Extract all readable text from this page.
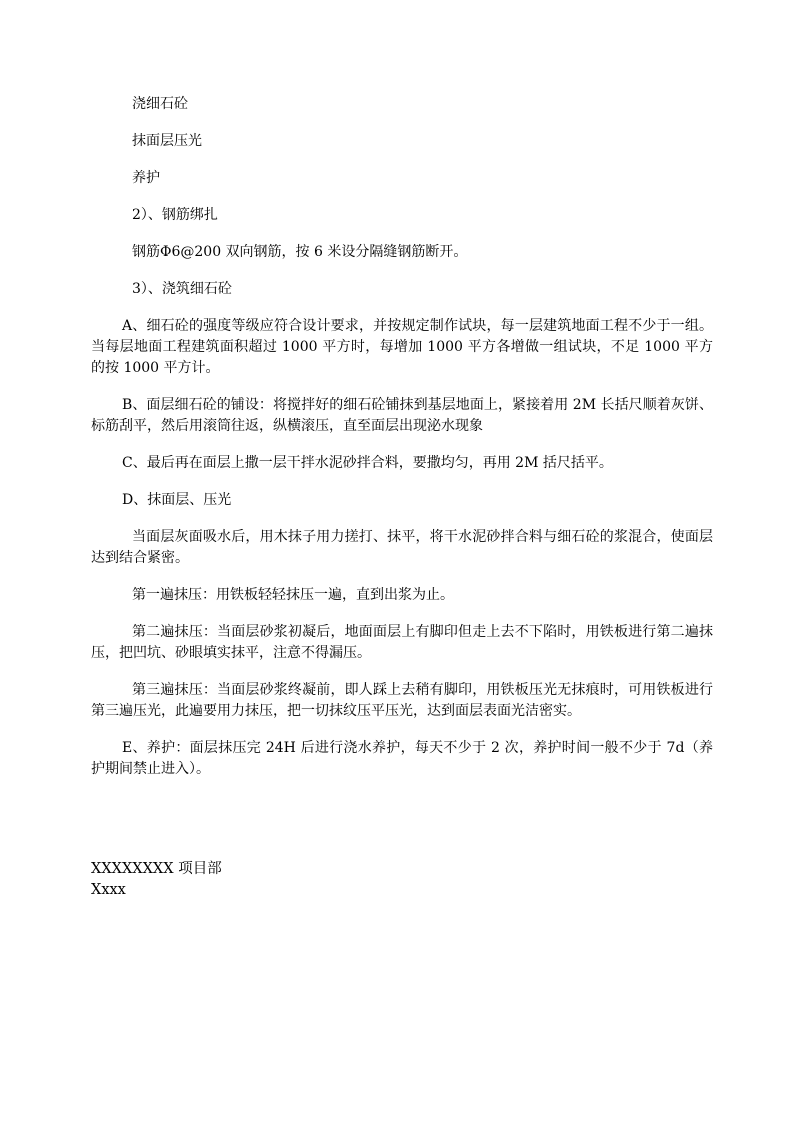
浇细石砼

抹面层压光

养护

2）、钢筋绑扎

钢筋Φ6@200 双向钢筋，按 6 米设分隔缝钢筋断开。

3）、浇筑细石砼

A、细石砼的强度等级应符合设计要求，并按规定制作试块，每一层建筑地面工程不少于一组。当每层地面工程建筑面积超过 1000 平方时，每增加 1000 平方各增做一组试块，不足 1000 平方的按 1000 平方计。

B、面层细石砼的铺设：将搅拌好的细石砼铺抹到基层地面上，紧接着用 2M 长括尺顺着灰饼、标筋刮平，然后用滚筒往返，纵横滚压，直至面层出现泌水现象

C、最后再在面层上撒一层干拌水泥砂拌合料，要撒均匀，再用 2M 括尺括平。

D、抹面层、压光

当面层灰面吸水后，用木抹子用力搓打、抹平，将干水泥砂拌合料与细石砼的浆混合，使面层达到结合紧密。

第一遍抹压：用铁板轻轻抹压一遍，直到出浆为止。

第二遍抹压：当面层砂浆初凝后，地面面层上有脚印但走上去不下陷时，用铁板进行第二遍抹压，把凹坑、砂眼填实抹平，注意不得漏压。

第三遍抹压：当面层砂浆终凝前，即人踩上去稍有脚印，用铁板压光无抹痕时，可用铁板进行第三遍压光，此遍要用力抹压，把一切抹纹压平压光，达到面层表面光洁密实。

E、养护：面层抹压完 24H 后进行浇水养护，每天不少于 2 次，养护时间一般不少于 7d（养护期间禁止进入）。

XXXXXXXX 项目部

Xxxx
